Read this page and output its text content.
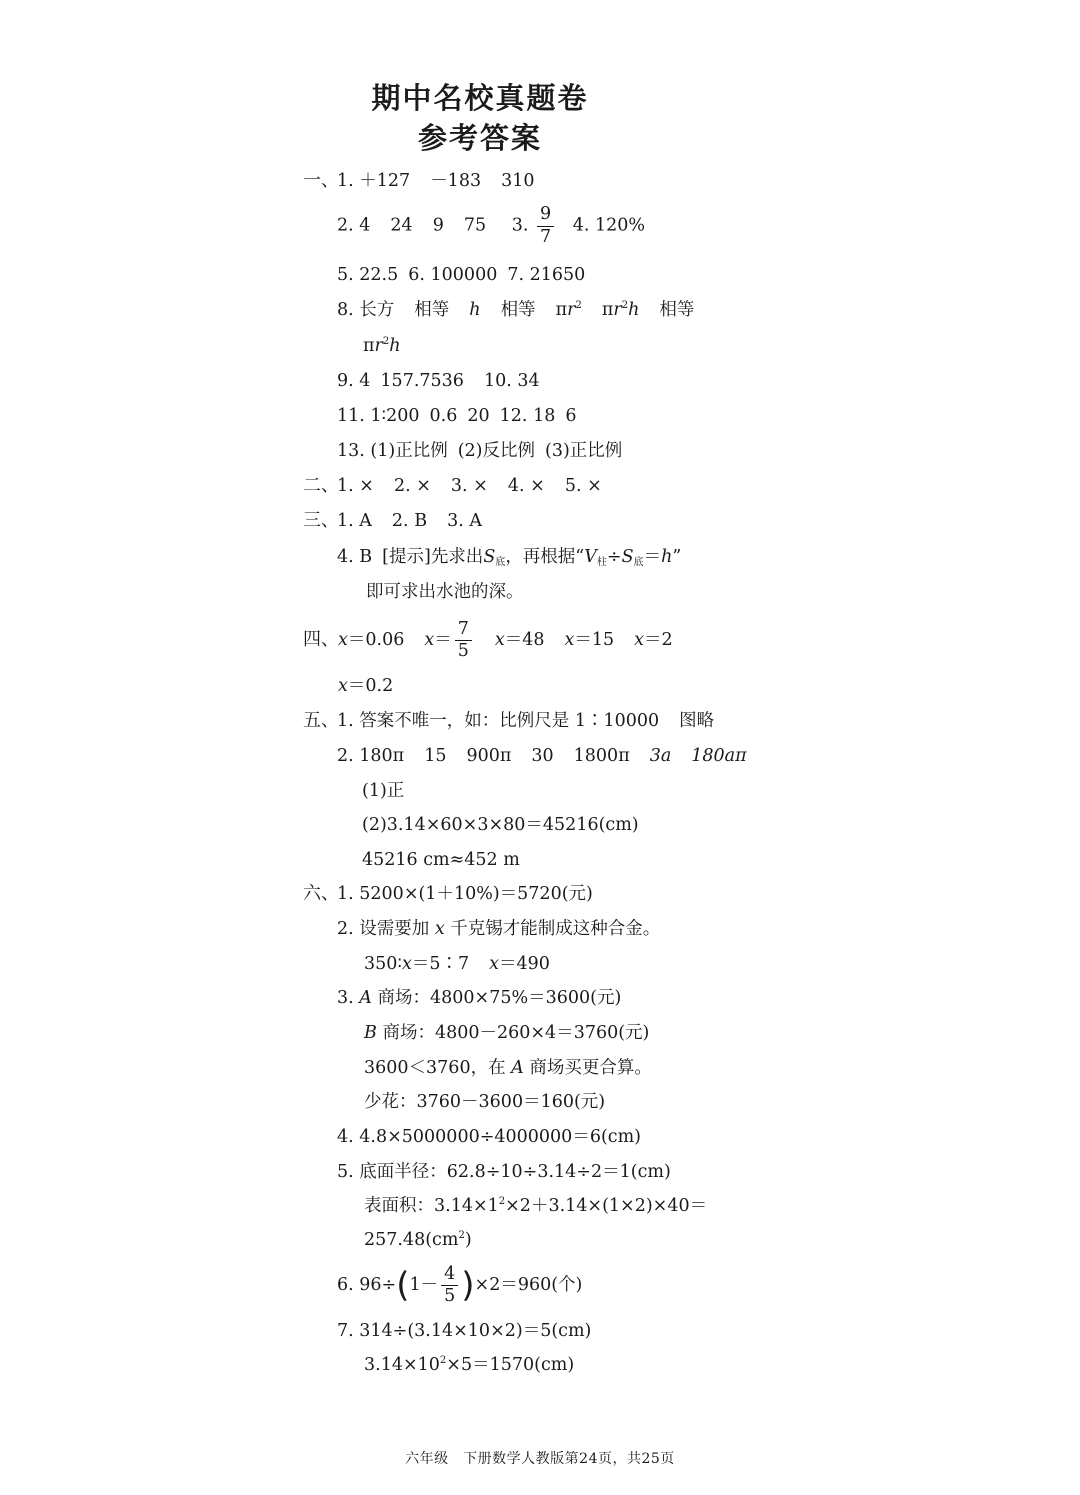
期中名校真题卷
参考答案
一、
1. ＋127 －183 310
2. 4 24 9 75 3. $\frac{9}{7} 4$. 120%
5. 22.5 6. 100000 7. 21650
8. 长方 相等 h 相等 $\pi r^2$ $\pi r^2h$ 相等
$\pi r^2h$
9. 4 157.7536 10. 34
11. 1∶200 0.6 20 12. 18 6
13. (1)正比例 (2)反比例 (3)正比例
二、
1. × 2. × 3. × 4. × 5. ×
三、
1. A 2. B 3. A
4. B [提示]先求出$S_底$，再根据“$V_柱\div S_底=h$”
即可求出水池的深。
四、 x＝0.06 $x= \frac{7}{5} x=48$ x＝15 x＝2
x＝0.2
五、
1. 答案不唯一，如：比例尺是 1∶10000 图略
2. 180π 15 900π 30 1800π 3a 180aπ
(1)正
(2)3.14×60×3×80＝45216(cm)
45216 cm≈452 m
六、
1. 5200×(1＋10%)＝5720(元)
2. 设需要加 x 千克锡才能制成这种合金。
350∶x＝5∶7 x＝490
3. A 商场：4800×75%＝3600(元)
B 商场：4800－260×4＝3760(元)
3600＜3760，在 A 商场买更合算。
少花：3760－3600＝160(元)
4. 4.8×5000000÷4000000＝6(cm)
5. 底面半径：62.8÷10÷3.14÷2＝1(cm)
表面积：$3.14\times 1^2\times 2+3.14\times(1\times 2)\times 40=$
$257.48(cm^2)$
6. $96\div(1- \frac{4}{5} )\times 2=960$(个)
7. 314÷(3.14×10×2)＝5(cm)
$3.14\times 10^2\times 5=1570(cm)$
六年级　下册数学人教版第24页，共25页
